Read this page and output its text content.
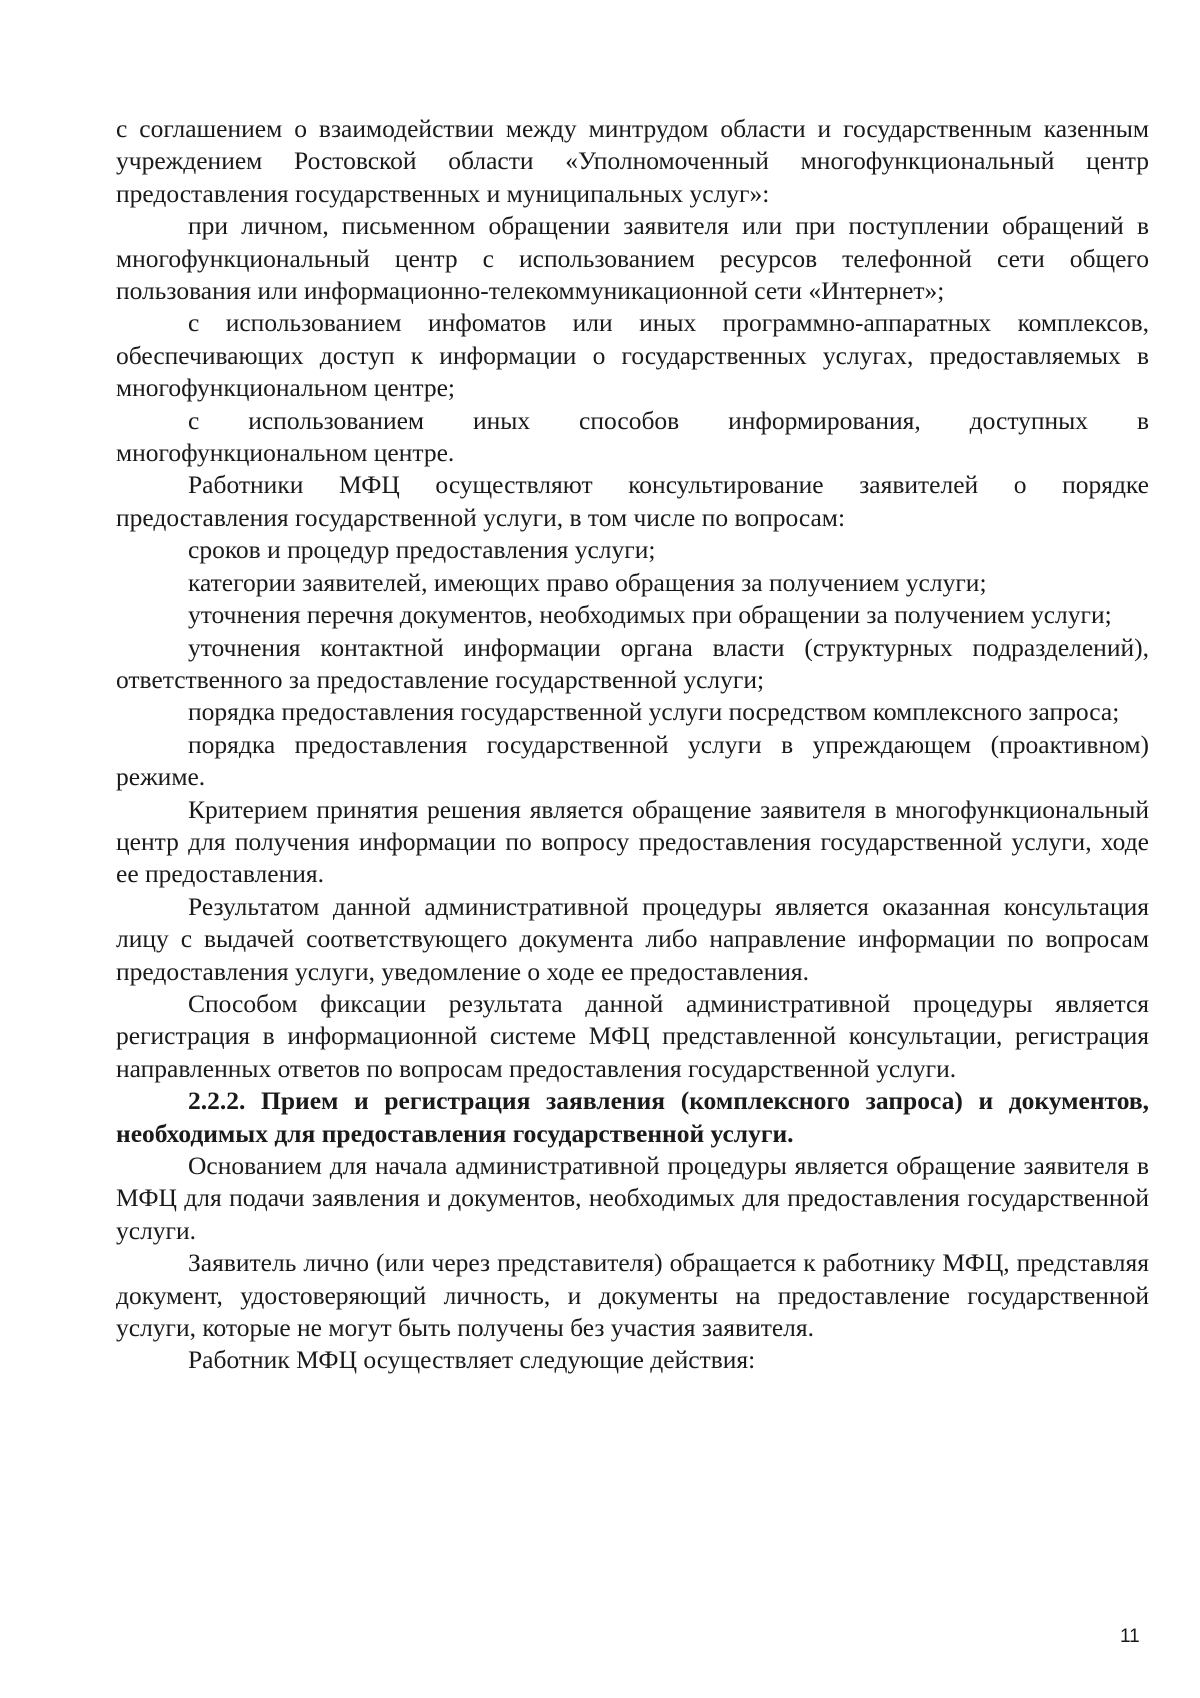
с соглашением о взаимодействии между минтрудом области и государственным казенным учреждением Ростовской области «Уполномоченный многофункциональный центр предоставления государственных и муниципальных услуг»:

при личном, письменном обращении заявителя или при поступлении обращений в многофункциональный центр с использованием ресурсов телефонной сети общего пользования или информационно-телекоммуникационной сети «Интернет»;

с использованием инфоматов или иных программно-аппаратных комплексов, обеспечивающих доступ к информации о государственных услугах, предоставляемых в многофункциональном центре;

с использованием иных способов информирования, доступных в многофункциональном центре.

Работники МФЦ осуществляют консультирование заявителей о порядке предоставления государственной услуги, в том числе по вопросам:

сроков и процедур предоставления услуги;

категории заявителей, имеющих право обращения за получением услуги;

уточнения перечня документов, необходимых при обращении за получением услуги;

уточнения контактной информации органа власти (структурных подразделений), ответственного за предоставление государственной услуги;

порядка предоставления государственной услуги посредством комплексного запроса;

порядка предоставления государственной услуги в упреждающем (проактивном) режиме.

Критерием принятия решения является обращение заявителя в многофункциональный центр для получения информации по вопросу предоставления государственной услуги, ходе ее предоставления.

Результатом данной административной процедуры является оказанная консультация лицу с выдачей соответствующего документа либо направление информации по вопросам предоставления услуги, уведомление о ходе ее предоставления.

Способом фиксации результата данной административной процедуры является регистрация в информационной системе МФЦ представленной консультации, регистрация направленных ответов по вопросам предоставления государственной услуги.

2.2.2. Прием и регистрация заявления (комплексного запроса) и документов, необходимых для предоставления государственной услуги.

Основанием для начала административной процедуры является обращение заявителя в МФЦ для подачи заявления и документов, необходимых для предоставления государственной услуги.

Заявитель лично (или через представителя) обращается к работнику МФЦ, представляя документ, удостоверяющий личность, и документы на предоставление государственной услуги, которые не могут быть получены без участия заявителя.

Работник МФЦ осуществляет следующие действия:

11
